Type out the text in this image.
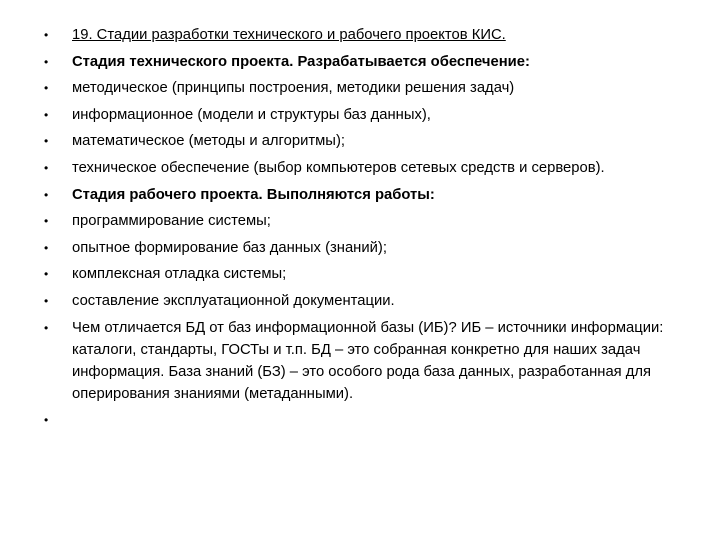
•	19. Стадии разработки технического и рабочего проектов КИС.
•	Стадия технического проекта. Разрабатывается обеспечение:
•	методическое (принципы построения, методики решения задач)
•	информационное (модели и структуры баз данных),
•	математическое (методы и алгоритмы);
•	техническое обеспечение (выбор компьютеров сетевых средств и серверов).
•	Стадия рабочего проекта. Выполняются работы:
•	программирование системы;
•	опытное формирование баз данных (знаний);
•	комплексная отладка системы;
•	составление эксплуатационной документации.
•	Чем отличается БД от баз информационной базы (ИБ)? ИБ – источники информации: каталоги, стандарты, ГОСТы и т.п. БД – это собранная конкретно для наших задач информация. База знаний (БЗ) – это особого рода база данных, разработанная для оперирования знаниями (метаданными).
•
